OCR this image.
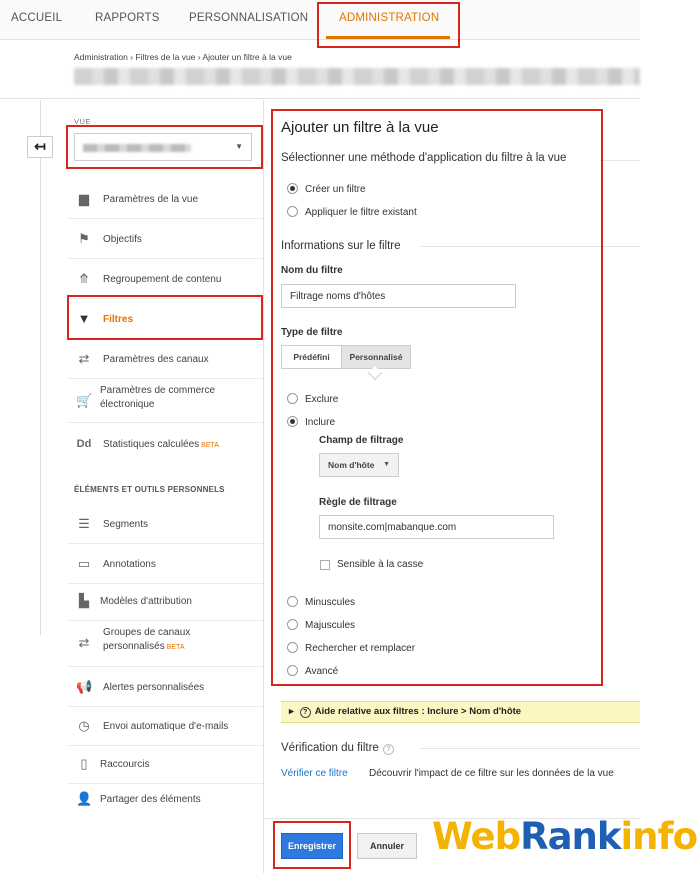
ACCUEIL	RAPPORTS	PERSONNALISATION	ADMINISTRATION
Administration › Filtres de la vue › Ajouter un filtre à la vue
↤
VUE
▼
▆	Paramètres de la vue
⚑ Objectifs
⤊ Regroupement de contenu
▼ Filtres
⇄ Paramètres des canaux
🛒
Paramètres de commerce électronique
Dd Statistiques calculées BETA
ÉLÉMENTS ET OUTILS PERSONNELS
☰ Segments
▭ Annotations
▙	Modèles d'attribution
⇄
Groupes de canaux personnalisés BETA
📢 Alertes personnalisées
◷ Envoi automatique d'e-mails
▯	Raccourcis
👤 Partager des éléments
Ajouter un filtre à la vue
Sélectionner une méthode d'application du filtre à la vue
Créer un filtre
Appliquer le filtre existant
Informations sur le filtre
Nom du filtre
Filtrage noms d'hôtes
Type de filtre
Prédéfini	Personnalisé
Exclure
Inclure
Champ de filtrage
Nom d'hôte ▼
Règle de filtrage
monsite.com|mabanque.com
Sensible à la casse
Minuscules
Majuscules
Rechercher et remplacer
Avancé
▸ ? Aide relative aux filtres : Inclure > Nom d'hôte
Vérification du filtre ?
Vérifier ce filtre Découvrir l'impact de ce filtre sur les données de la vue
Enregistrer	Annuler WebRankinfo
